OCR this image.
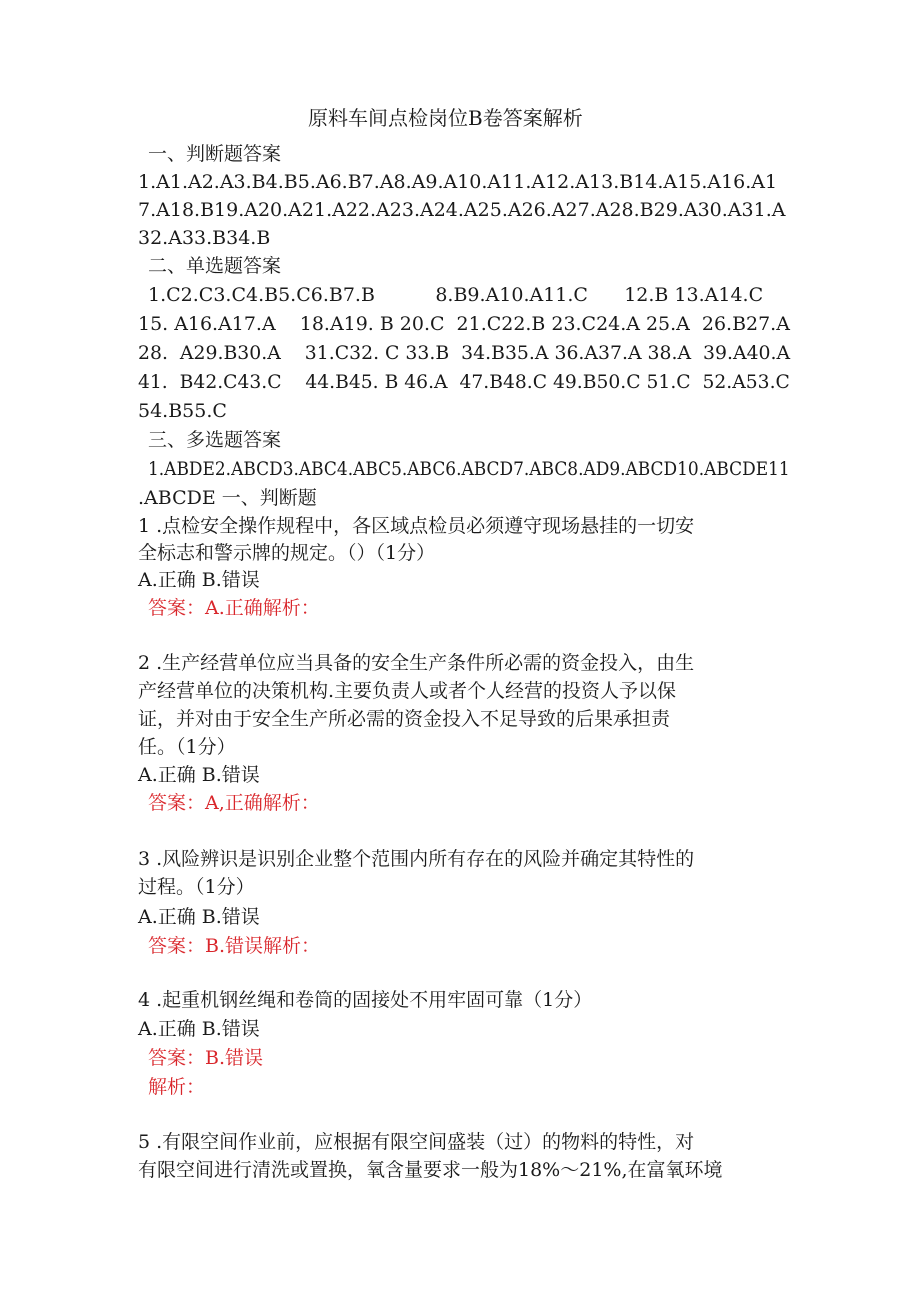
原料车间点检岗位B卷答案解析
一、判断题答案
1.A1.A2.A3.B4.B5.A6.B7.A8.A9.A10.A11.A12.A13.B14.A15.A16.A1
7.A18.B19.A20.A21.A22.A23.A24.A25.A26.A27.A28.B29.A30.A31.A
32.A33.B34.B
二、单选题答案
1.C2.C3.C4.B5.C6.B7.B          8.B9.A10.A11.C      12.B 13.A14.C
15. A16.A17.A    18.A19. B 20.C  21.C22.B 23.C24.A 25.A  26.B27.A
28.  A29.B30.A    31.C32. C 33.B  34.B35.A 36.A37.A 38.A  39.A40.A
41.  B42.C43.C    44.B45. B 46.A  47.B48.C 49.B50.C 51.C  52.A53.C
54.B55.C
三、多选题答案
1.ABDE2.ABCD3.ABC4.ABC5.ABC6.ABCD7.ABC8.AD9.ABCD10.ABCDE11
.ABCDE 一、判断题
1 .点检安全操作规程中，各区域点检员必须遵守现场悬挂的一切安
全标志和警示牌的规定。（）（1分）
A.正确 B.错误
答案：A.正确解析：
2 .生产经营单位应当具备的安全生产条件所必需的资金投入，由生
产经营单位的决策机构.主要负责人或者个人经营的投资人予以保
证，并对由于安全生产所必需的资金投入不足导致的后果承担责
任。（1分）
A.正确 B.错误
答案：A,正确解析：
3 .风险辨识是识别企业整个范围内所有存在的风险并确定其特性的
过程。（1分）
A.正确 B.错误
答案：B.错误解析：
4 .起重机钢丝绳和卷筒的固接处不用牢固可靠（1分）
A.正确 B.错误
答案：B.错误
解析：
5 .有限空间作业前，应根据有限空间盛装（过）的物料的特性，对
有限空间进行清洗或置换，氧含量要求一般为18%～21%,在富氧环境
